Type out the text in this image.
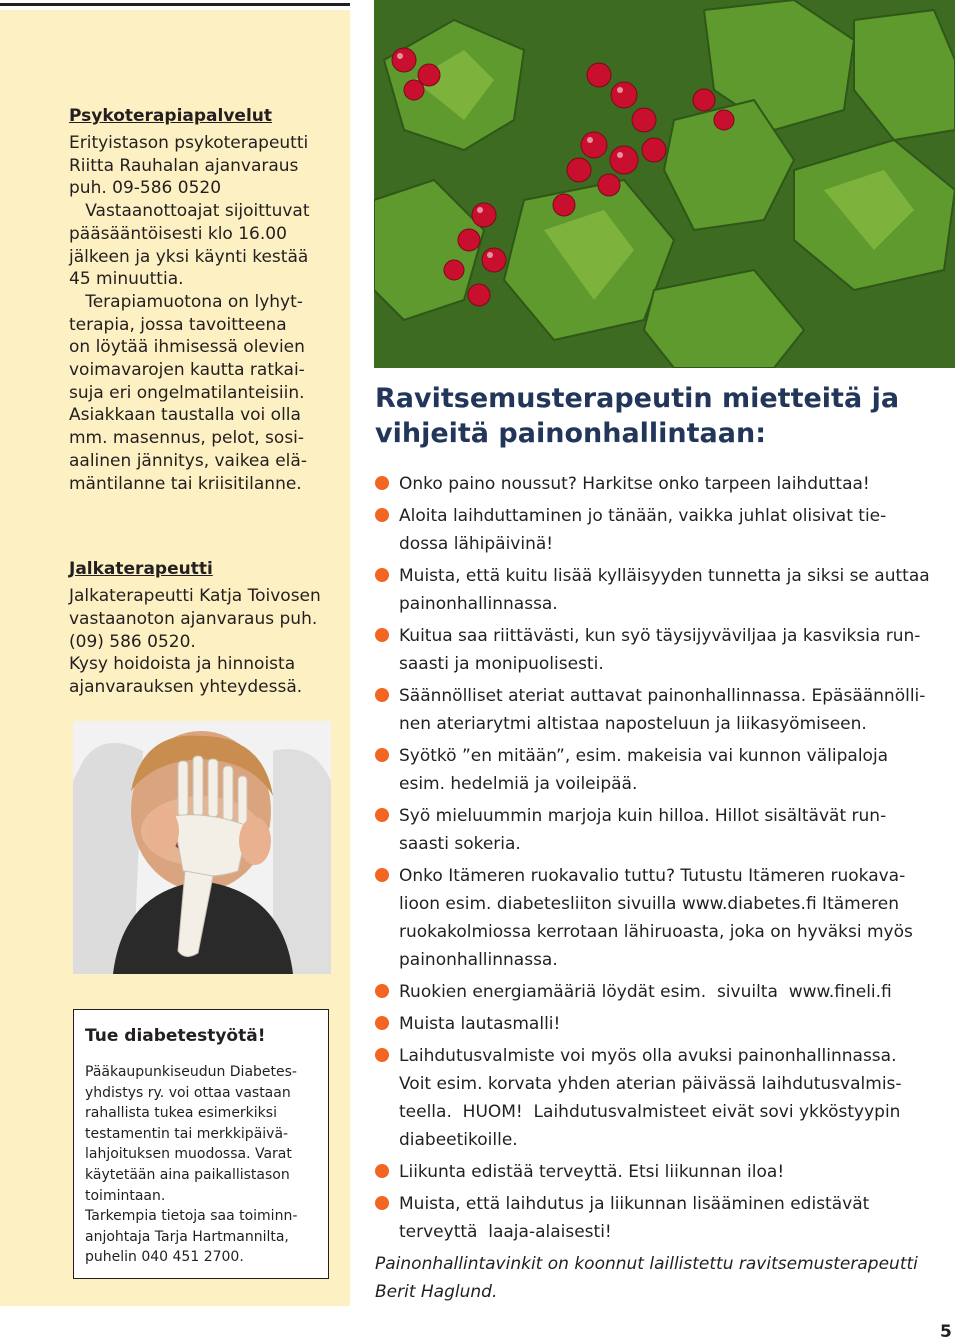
Psykoterapiapalvelut
Erityistason psykoterapeutti
Riitta Rauhalan ajanvaraus
puh. 09-586 0520
Vastaanottoajat sijoittuvat
pääsääntöisesti klo 16.00
jälkeen ja yksi käynti kestää
45 minuuttia.
Terapiamuotona on lyhyt-
terapia, jossa tavoitteena
on löytää ihmisessä olevien
voimavarojen kautta ratkai-
suja eri ongelmatilanteisiin.
Asiakkaan taustalla voi olla
mm. masennus, pelot, sosi-
aalinen jännitys, vaikea elä-
mäntilanne tai kriisitilanne.
Jalkaterapeutti
Jalkaterapeutti Katja Toivosen
vastaanoton ajanvaraus puh.
(09) 586 0520.
Kysy hoidoista ja hinnoista
ajanvarauksen yhteydessä.
Tue diabetestyötä!
Pääkaupunkiseudun Diabetes-
yhdistys ry. voi ottaa vastaan
rahallista tukea esimerkiksi
testamentin tai merkkipäivä-
lahjoituksen muodossa. Varat
käytetään aina paikallistason
toimintaan.
Tarkempia tietoja saa toiminn-
anjohtaja Tarja Hartmannilta,
puhelin 040 451 2700.
Ravitsemusterapeutin mietteitä ja
vihjeitä painonhallintaan:
Onko paino noussut? Harkitse onko tarpeen laihduttaa!
Aloita laihduttaminen jo tänään, vaikka juhlat olisivat tie-
dossa lähipäivinä!
Muista, että kuitu lisää kylläisyyden tunnetta ja siksi se auttaa
painonhallinnassa.
Kuitua saa riittävästi, kun syö täysijyväviljaa ja kasviksia run-
saasti ja monipuolisesti.
Säännölliset ateriat auttavat painonhallinnassa. Epäsäännölli-
nen ateriarytmi altistaa naposteluun ja liikasyömiseen.
Syötkö ”en mitään”, esim. makeisia vai kunnon välipaloja
esim. hedelmiä ja voileipää.
Syö mieluummin marjoja kuin hilloa. Hillot sisältävät run-
saasti sokeria.
Onko Itämeren ruokavalio tuttu? Tutustu Itämeren ruokava-
lioon esim. diabetesliiton sivuilla www.diabetes.fi Itämeren
ruokakolmiossa kerrotaan lähiruoasta, joka on hyväksi myös
painonhallinnassa.
Ruokien energiamääriä löydät esim.  sivuilta  www.fineli.fi
Muista lautasmalli!
Laihdutusvalmiste voi myös olla avuksi painonhallinnassa.
Voit esim. korvata yhden aterian päivässä laihdutusvalmis-
teella.  HUOM!  Laihdutusvalmisteet eivät sovi ykköstyypin
diabeetikoille.
Liikunta edistää terveyttä. Etsi liikunnan iloa!
Muista, että laihdutus ja liikunnan lisääminen edistävät
terveyttä  laaja-alaisesti!
Painonhallintavinkit on koonnut laillistettu ravitsemusterapeutti
Berit Haglund.
5
